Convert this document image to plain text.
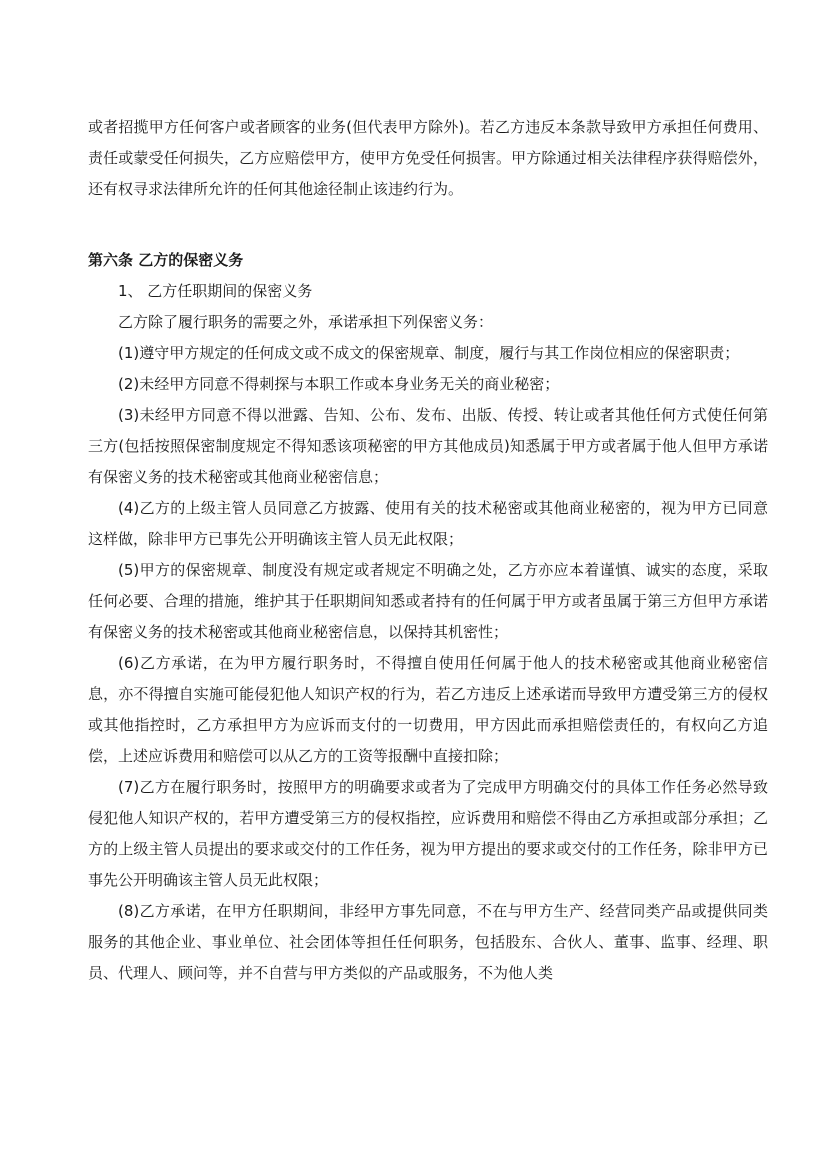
​

或者招揽甲方任何客户或者顾客的业务(但代表甲方除外)。若乙方违反本条款导致甲方承担任何费用、责任或蒙受任何损失，乙方应赔偿甲方，使甲方免受任何损害。甲方除通过相关法律程序获得赔偿外，还有权寻求法律所允许的任何其他途径制止该违约行为。

第六条 乙方的保密义务

1、 乙方任职期间的保密义务

乙方除了履行职务的需要之外，承诺承担下列保密义务：

(1)遵守甲方规定的任何成文或不成文的保密规章、制度，履行与其工作岗位相应的保密职责；

(2)未经甲方同意不得刺探与本职工作或本身业务无关的商业秘密；

(3)未经甲方同意不得以泄露、告知、公布、发布、出版、传授、转让或者其他任何方式使任何第三方(包括按照保密制度规定不得知悉该项秘密的甲方其他成员)知悉属于甲方或者属于他人但甲方承诺有保密义务的技术秘密或其他商业秘密信息；

(4)乙方的上级主管人员同意乙方披露、使用有关的技术秘密或其他商业秘密的，视为甲方已同意这样做，除非甲方已事先公开明确该主管人员无此权限；

(5)甲方的保密规章、制度没有规定或者规定不明确之处，乙方亦应本着谨慎、诚实的态度，采取任何必要、合理的措施，维护其于任职期间知悉或者持有的任何属于甲方或者虽属于第三方但甲方承诺有保密义务的技术秘密或其他商业秘密信息，以保持其机密性；

(6)乙方承诺，在为甲方履行职务时，不得擅自使用任何属于他人的技术秘密或其他商业秘密信息，亦不得擅自实施可能侵犯他人知识产权的行为，若乙方违反上述承诺而导致甲方遭受第三方的侵权或其他指控时，乙方承担甲方为应诉而支付的一切费用，甲方因此而承担赔偿责任的，有权向乙方追偿，上述应诉费用和赔偿可以从乙方的工资等报酬中直接扣除；

(7)乙方在履行职务时，按照甲方的明确要求或者为了完成甲方明确交付的具体工作任务必然导致侵犯他人知识产权的，若甲方遭受第三方的侵权指控，应诉费用和赔偿不得由乙方承担或部分承担；乙方的上级主管人员提出的要求或交付的工作任务，视为甲方提出的要求或交付的工作任务，除非甲方已事先公开明确该主管人员无此权限；

(8)乙方承诺，在甲方任职期间，非经甲方事先同意，不在与甲方生产、经营同类产品或提供同类服务的其他企业、事业单位、社会团体等担任任何职务，包括股东、合伙人、董事、监事、经理、职员、代理人、顾问等，并不自营与甲方类似的产品或服务，不为他人类
